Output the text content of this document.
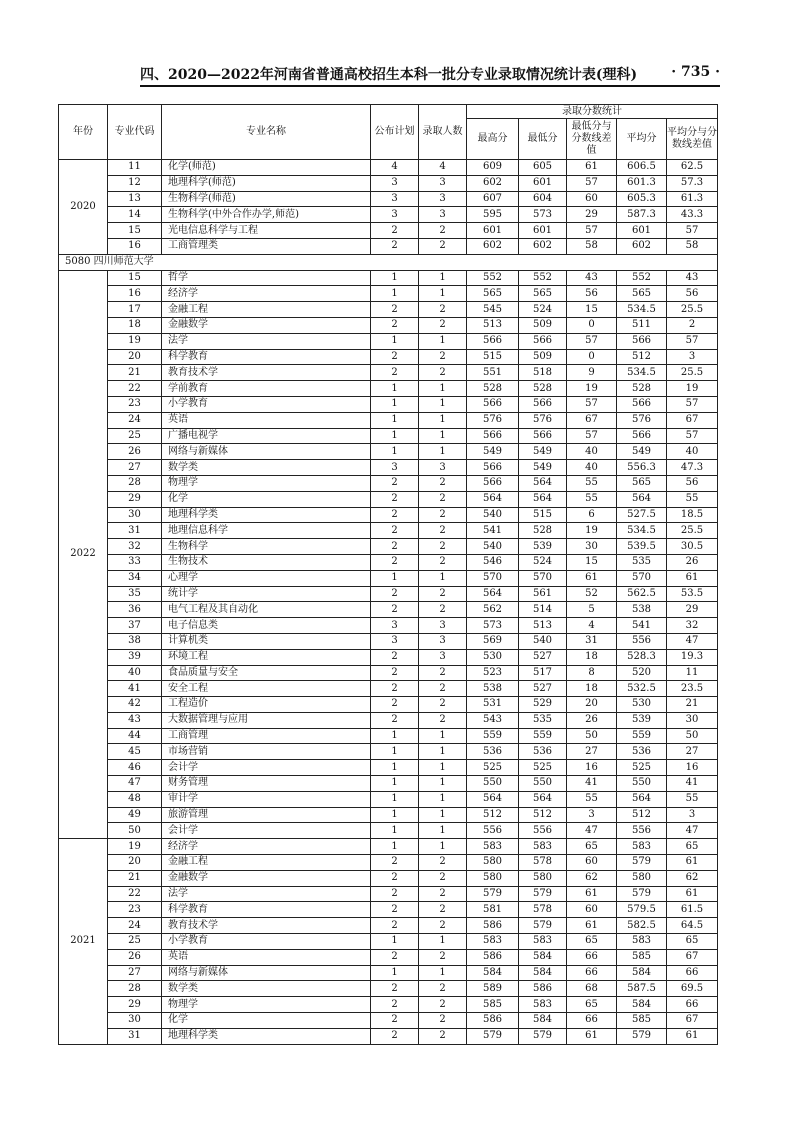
四、2020—2022年河南省普通高校招生本科一批分专业录取情况统计表(理科) · 735 ·
年份	专业代码	专业名称	公布计划	录取人数	录取分数统计				
					最高分	最低分	最低分与分数线差值	平均分	平均分与分数线差值
2020	11	化学(师范)	4	4	609	605	61	606.5	62.5
	12	地理科学(师范)	3	3	602	601	57	601.3	57.3
	13	生物科学(师范)	3	3	607	604	60	605.3	61.3
	14	生物科学(中外合作办学,师范)	3	3	595	573	29	587.3	43.3
	15	光电信息科学与工程	2	2	601	601	57	601	57
	16	工商管理类	2	2	602	602	58	602	58
5080 四川师范大学									
2022	15	哲学	1	1	552	552	43	552	43
	16	经济学	1	1	565	565	56	565	56
	17	金融工程	2	2	545	524	15	534.5	25.5
	18	金融数学	2	2	513	509	0	511	2
	19	法学	1	1	566	566	57	566	57
	20	科学教育	2	2	515	509	0	512	3
	21	教育技术学	2	2	551	518	9	534.5	25.5
	22	学前教育	1	1	528	528	19	528	19
	23	小学教育	1	1	566	566	57	566	57
	24	英语	1	1	576	576	67	576	67
	25	广播电视学	1	1	566	566	57	566	57
	26	网络与新媒体	1	1	549	549	40	549	40
	27	数学类	3	3	566	549	40	556.3	47.3
	28	物理学	2	2	566	564	55	565	56
	29	化学	2	2	564	564	55	564	55
	30	地理科学类	2	2	540	515	6	527.5	18.5
	31	地理信息科学	2	2	541	528	19	534.5	25.5
	32	生物科学	2	2	540	539	30	539.5	30.5
	33	生物技术	2	2	546	524	15	535	26
	34	心理学	1	1	570	570	61	570	61
	35	统计学	2	2	564	561	52	562.5	53.5
	36	电气工程及其自动化	2	2	562	514	5	538	29
	37	电子信息类	3	3	573	513	4	541	32
	38	计算机类	3	3	569	540	31	556	47
	39	环境工程	2	3	530	527	18	528.3	19.3
	40	食品质量与安全	2	2	523	517	8	520	11
	41	安全工程	2	2	538	527	18	532.5	23.5
	42	工程造价	2	2	531	529	20	530	21
	43	大数据管理与应用	2	2	543	535	26	539	30
	44	工商管理	1	1	559	559	50	559	50
	45	市场营销	1	1	536	536	27	536	27
	46	会计学	1	1	525	525	16	525	16
	47	财务管理	1	1	550	550	41	550	41
	48	审计学	1	1	564	564	55	564	55
	49	旅游管理	1	1	512	512	3	512	3
	50	会计学	1	1	556	556	47	556	47
2021	19	经济学	1	1	583	583	65	583	65
	20	金融工程	2	2	580	578	60	579	61
	21	金融数学	2	2	580	580	62	580	62
	22	法学	2	2	579	579	61	579	61
	23	科学教育	2	2	581	578	60	579.5	61.5
	24	教育技术学	2	2	586	579	61	582.5	64.5
	25	小学教育	1	1	583	583	65	583	65
	26	英语	2	2	586	584	66	585	67
	27	网络与新媒体	1	1	584	584	66	584	66
	28	数学类	2	2	589	586	68	587.5	69.5
	29	物理学	2	2	585	583	65	584	66
	30	化学	2	2	586	584	66	585	67
	31	地理科学类	2	2	579	579	61	579	61
